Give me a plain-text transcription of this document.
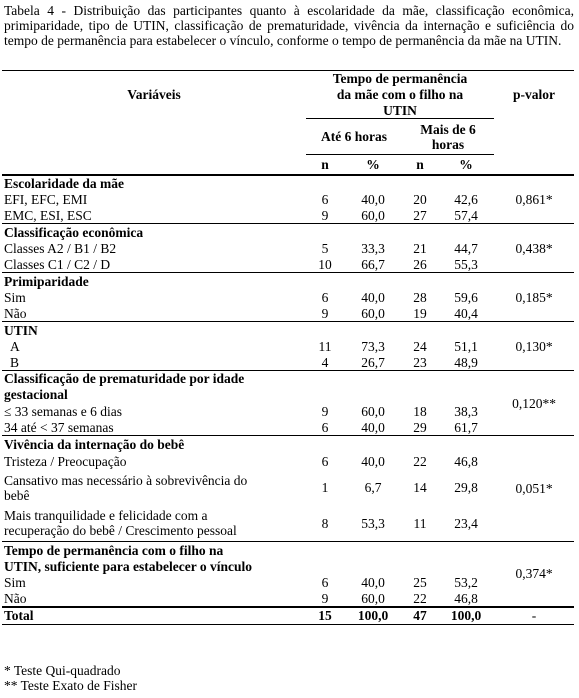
Tabela 4 - Distribuição das participantes quanto à escolaridade da mãe, classificação econômica, primiparidade, tipo de UTIN, classificação de prematuridade, vivência da internação e suficiência do tempo de permanência para estabelecer o vínculo, conforme o tempo de permanência da mãe na UTIN.
Variáveis	Tempo de permanência				p-valor
	da mãe com o filho na				
	UTIN				
	Até 6 horas		Mais de 6
horas		
	n	%	n	%	
Escolaridade da mãe					0,861*
EFI, EFC, EMI	6	40,0	20	42,6	
EMC, ESI, ESC	9	60,0	27	57,4	
Classificação econômica					0,438*
Classes A2 / B1 / B2	5	33,3	21	44,7	
Classes C1 / C2 / D	10	66,7	26	55,3	
Primiparidade					0,185*
Sim	6	40,0	28	59,6	
Não	9	60,0	19	40,4	
UTIN					0,130*
A	11	73,3	24	51,1	
B	4	26,7	23	48,9	
Classificação de prematuridade por idade					0,120**
gestacional					
≤ 33 semanas e 6 dias	9	60,0	18	38,3	
34 até < 37 semanas	6	40,0	29	61,7	
Vivência da internação do bebê					0,051*
Tristeza / Preocupação	6	40,0	22	46,8	
Cansativo mas necessário à sobrevivência do
bebê	1	6,7	14	29,8	
Mais tranquilidade e felicidade com a
recuperação do bebê / Crescimento pessoal	8	53,3	11	23,4	
Tempo de permanência com o filho na					0,374*
UTIN, suficiente para estabelecer o vínculo					
Sim	6	40,0	25	53,2	
Não	9	60,0	22	46,8	
Total	15	100,0	47	100,0	-
* Teste Qui-quadrado
** Teste Exato de Fisher
